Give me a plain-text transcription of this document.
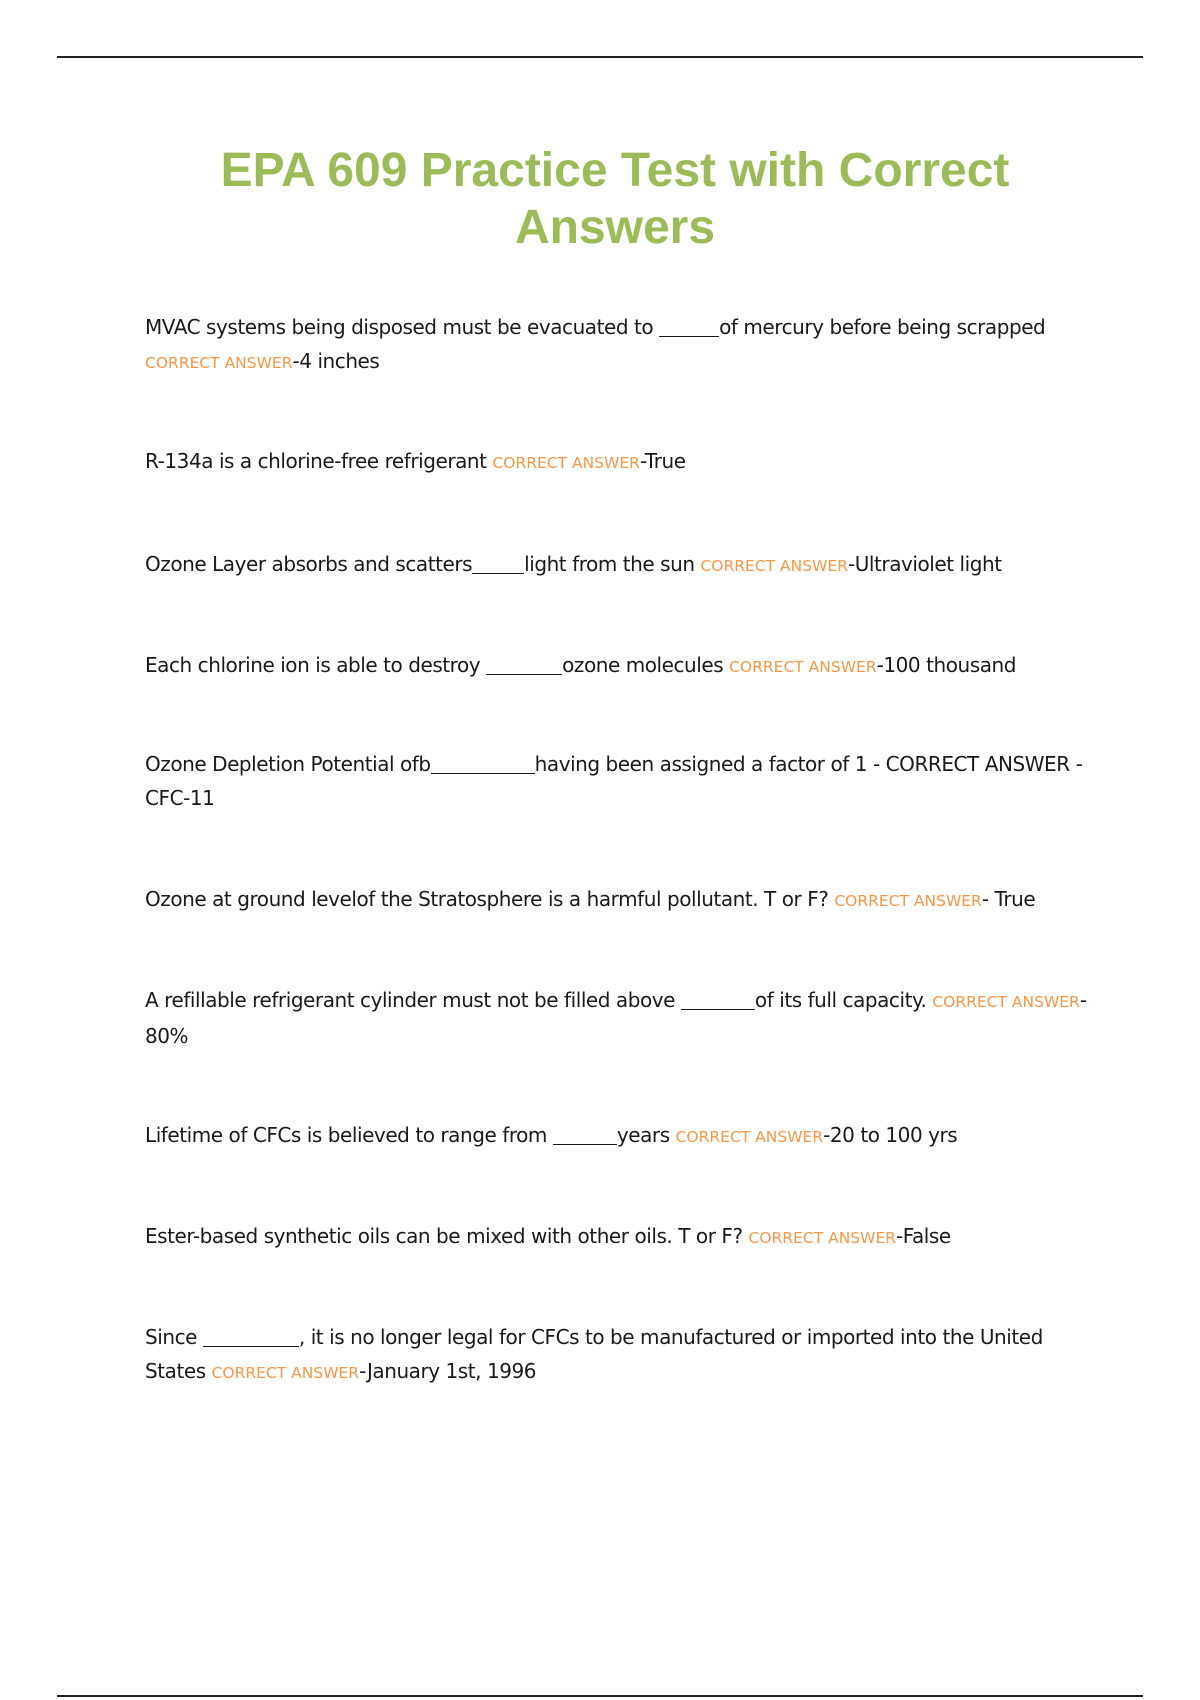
EPA 609 Practice Test with Correct Answers

MVAC systems being disposed must be evacuated to	of mercury before being scrapped CORRECT ANSWER-4 inches

R-134a is a chlorine-free refrigerant CORRECT ANSWER-True

Ozone Layer absorbs and scatters	light from the sun CORRECT ANSWER-Ultraviolet light

Each chlorine ion is able to destroy	ozone molecules CORRECT ANSWER-100 thousand

Ozone Depletion Potential ofb	having been assigned a factor of 1 - CORRECT ANSWER -CFC-11

Ozone at ground levelof the Stratosphere is a harmful pollutant. T or F? CORRECT ANSWER- True

A refillable refrigerant cylinder must not be filled above	of its full capacity. CORRECT ANSWER-80%

Lifetime of CFCs is believed to range from	years CORRECT ANSWER-20 to 100 yrs

Ester-based synthetic oils can be mixed with other oils. T or F? CORRECT ANSWER-False

Since	, it is no longer legal for CFCs to be manufactured or imported into the United States CORRECT ANSWER-January 1st, 1996
